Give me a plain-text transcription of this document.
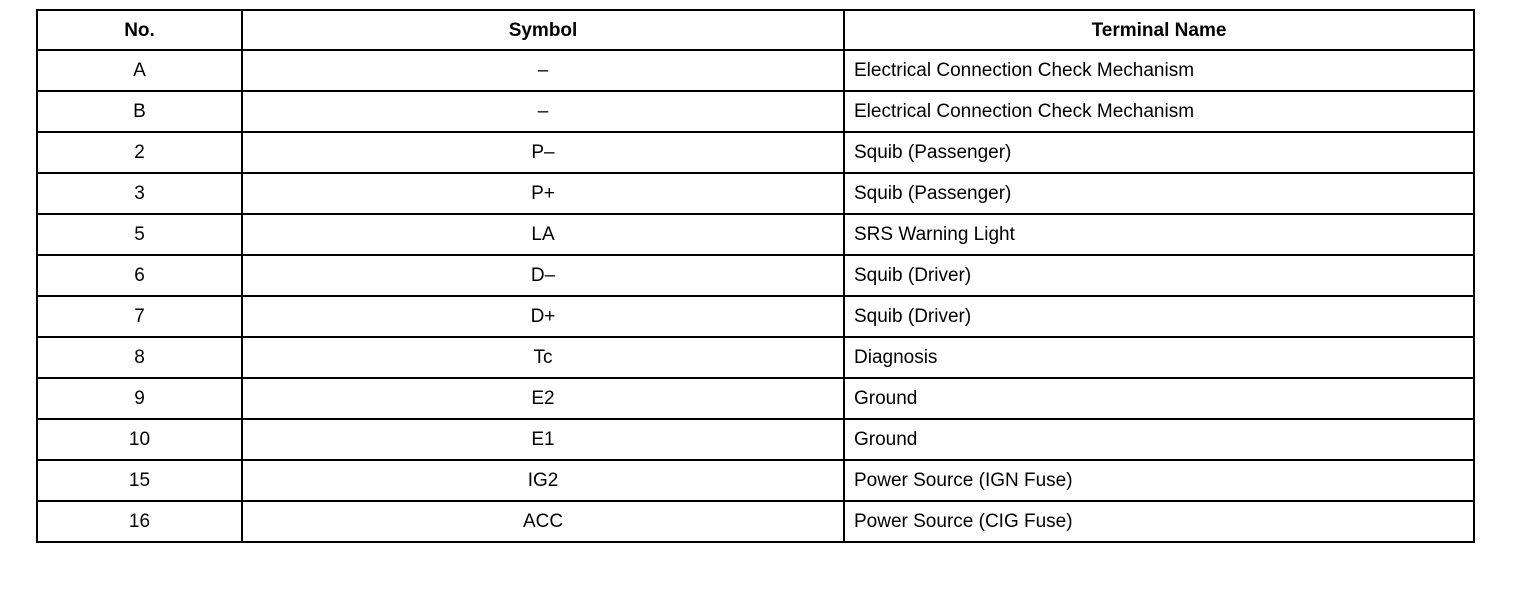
No.	Symbol	Terminal Name
A	–	Electrical Connection Check Mechanism
B	–	Electrical Connection Check Mechanism
2	P–	Squib (Passenger)
3	P+	Squib (Passenger)
5	LA	SRS Warning Light
6	D–	Squib (Driver)
7	D+	Squib (Driver)
8	Tc	Diagnosis
9	E2	Ground
10	E1	Ground
15	IG2	Power Source (IGN Fuse)
16	ACC	Power Source (CIG Fuse)
